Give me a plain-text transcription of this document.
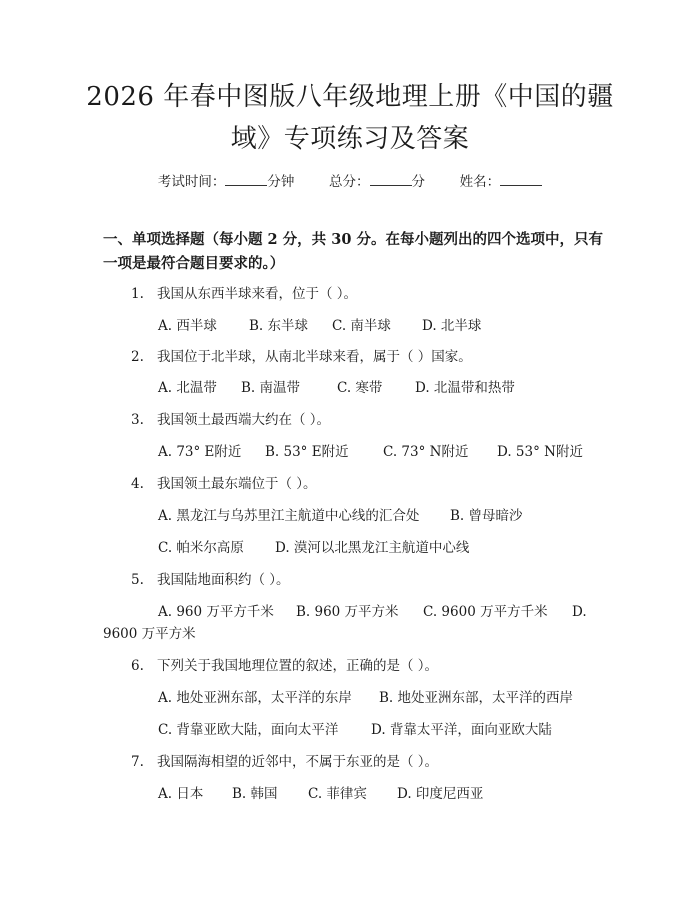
2026 年春中图版八年级地理上册《中国的疆
域》专项练习及答案
考试时间：	分钟	总分：	分	姓名：
一、单项选择题（每小题 2 分，共 30 分。在每小题列出的四个选项中，只有一项是最符合题目要求的。）
1. 我国从东西半球来看，位于（ ）。
A. 西半球 B. 东半球 C. 南半球 D. 北半球
2. 我国位于北半球，从南北半球来看，属于（ ）国家。
A. 北温带 B. 南温带	C. 寒带 D. 北温带和热带
3. 我国领土最西端大约在（ ）。
A. 73° E附近 B. 53° E附近	C. 73° N附近 D. 53° N附近
4. 我国领土最东端位于（ ）。
A. 黑龙江与乌苏里江主航道中心线的汇合处 B. 曾母暗沙
C. 帕米尔高原 D. 漠河以北黑龙江主航道中心线
5. 我国陆地面积约（ ）。
A. 960 万平方千米 B. 960 万平方米 C. 9600 万平方千米 D.
9600 万平方米
6. 下列关于我国地理位置的叙述，正确的是（ ）。
A. 地处亚洲东部，太平洋的东岸 B. 地处亚洲东部，太平洋的西岸
C. 背靠亚欧大陆，面向太平洋 D. 背靠太平洋，面向亚欧大陆
7. 我国隔海相望的近邻中，不属于东亚的是（ ）。
A. 日本 B. 韩国 C. 菲律宾 D. 印度尼西亚
